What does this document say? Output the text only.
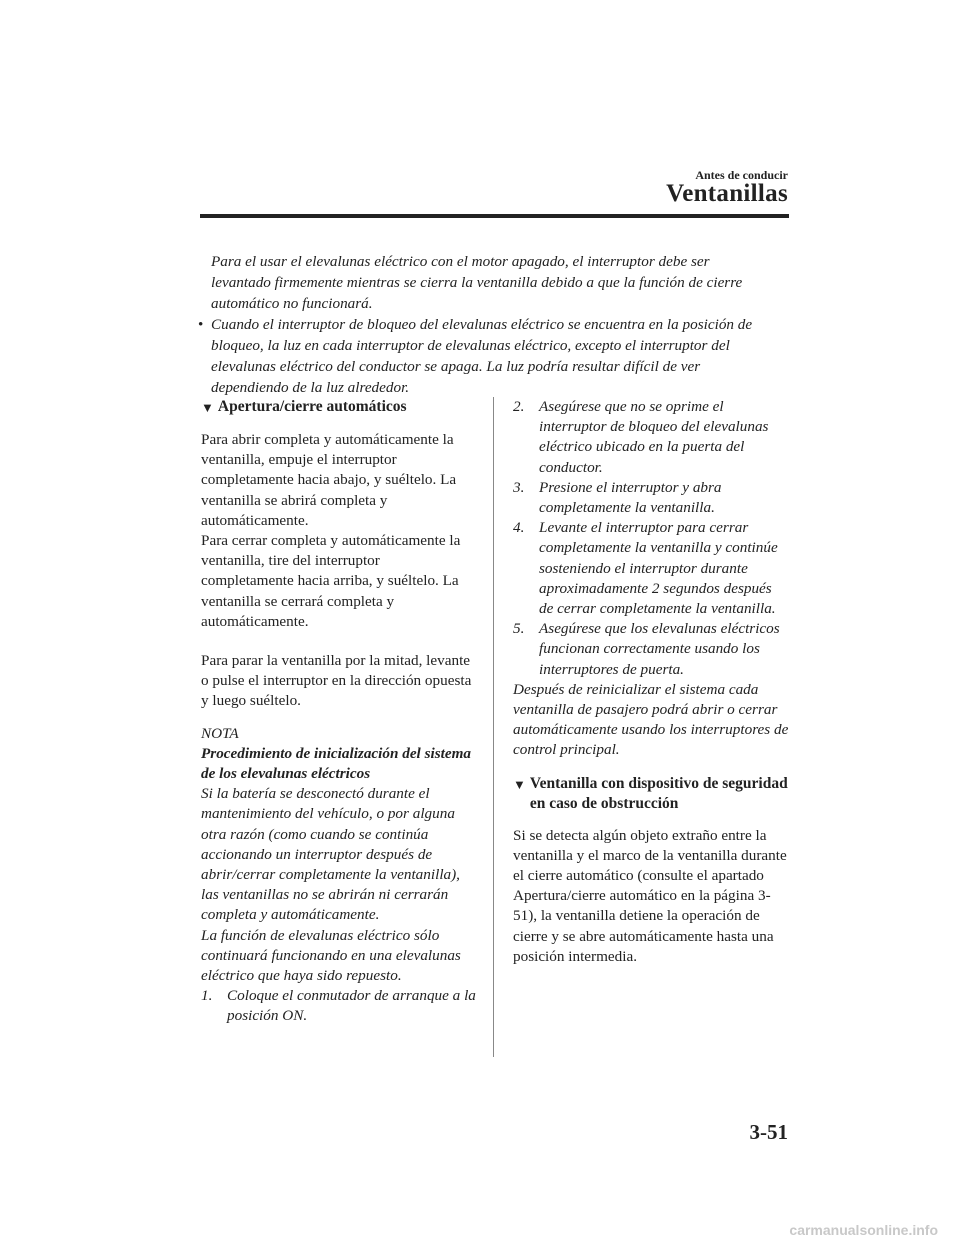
Antes de conducir
Ventanillas

Para el usar el elevalunas eléctrico con el motor apagado, el interruptor debe ser

levantado firmemente mientras se cierra la ventanilla debido a que la función de cierre

automático no funcionará.

• Cuando el interruptor de bloqueo del elevalunas eléctrico se encuentra en la posición de

bloqueo, la luz en cada interruptor de elevalunas eléctrico, excepto el interruptor del

elevalunas eléctrico del conductor se apaga. La luz podría resultar difícil de ver

dependiendo de la luz alrededor.

▼ Apertura/cierre automáticos

Para abrir completa y automáticamente la ventanilla, empuje el interruptor completamente hacia abajo, y suéltelo. La ventanilla se abrirá completa y automáticamente.

Para cerrar completa y automáticamente la ventanilla, tire del interruptor completamente hacia arriba, y suéltelo. La ventanilla se cerrará completa y automáticamente.

Para parar la ventanilla por la mitad, levante o pulse el interruptor en la dirección opuesta y luego suéltelo.

NOTA

Procedimiento de inicialización del sistema de los elevalunas eléctricos

Si la batería se desconectó durante el mantenimiento del vehículo, o por alguna otra razón (como cuando se continúa accionando un interruptor después de abrir/cerrar completamente la ventanilla), las ventanillas no se abrirán ni cerrarán completa y automáticamente.

La función de elevalunas eléctrico sólo continuará funcionando en una elevalunas eléctrico que haya sido repuesto.

1. Coloque el conmutador de arranque a la posición ON.
2. Asegúrese que no se oprime el interruptor de bloqueo del elevalunas eléctrico ubicado en la puerta del conductor.
3. Presione el interruptor y abra completamente la ventanilla.
4. Levante el interruptor para cerrar completamente la ventanilla y continúe sosteniendo el interruptor durante aproximadamente 2 segundos después de cerrar completamente la ventanilla.
5. Asegúrese que los elevalunas eléctricos funcionan correctamente usando los interruptores de puerta.

Después de reinicializar el sistema cada ventanilla de pasajero podrá abrir o cerrar automáticamente usando los interruptores de control principal.

▼ Ventanilla con dispositivo de seguridad en caso de obstrucción

Si se detecta algún objeto extraño entre la ventanilla y el marco de la ventanilla durante el cierre automático (consulte el apartado Apertura/cierre automático en la página 3-51), la ventanilla detiene la operación de cierre y se abre automáticamente hasta una posición intermedia.

3-51
carmanualsonline.info
